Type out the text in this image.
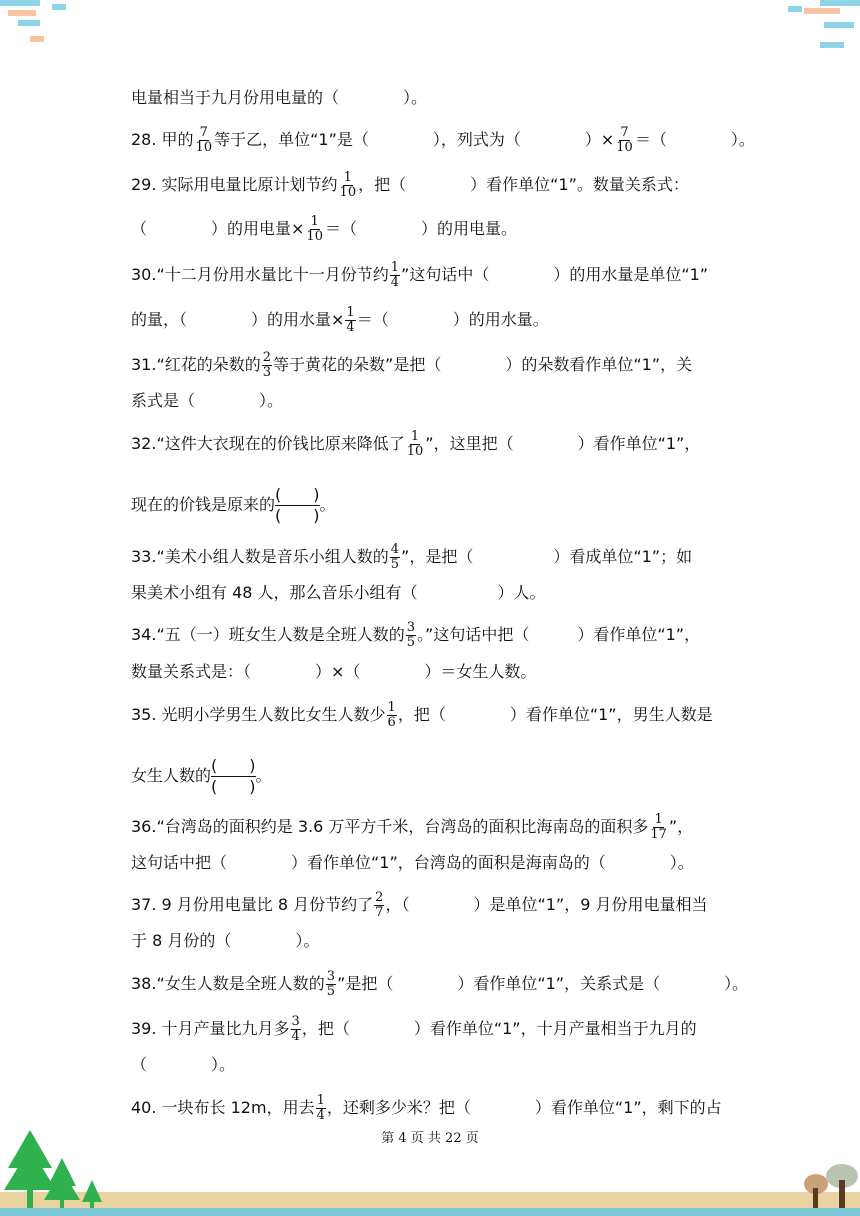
电量相当于九月份用电量的（　　　　）。
28. 甲的 $\frac{7}{10}$ 等于乙，单位“1”是（　　　　），列式为（　　　　）× $\frac{7}{10}$ ＝（　　　　）。
29. 实际用电量比原计划节约 $\frac{1}{10}$ ，把（　　　　）看作单位“1”。数量关系式：
（　　　　）的用电量× $\frac{1}{10}$ ＝（　　　　）的用电量。
30.“十二月份用水量比十一月份节约 $\frac{1}{4}$ ”这句话中（　　　　）的用水量是单位“1”
的量，（　　　　）的用水量× $\frac{1}{4}$ ＝（　　　　）的用水量。
31.“红花的朵数的 $\frac{2}{3}$ 等于黄花的朵数”是把（　　　　）的朵数看作单位“1”，关
系式是（　　　　）。
32.“这件大衣现在的价钱比原来降低了 $\frac{1}{10}$ ”，这里把（　　　　）看作单位“1”，
现在的价钱是原来的
(　　)
(　　)
。
33.“美术小组人数是音乐小组人数的 $\frac{4}{5}$ ”，是把（　　　　　）看成单位“1”；如
果美术小组有 48 人，那么音乐小组有（　　　　　）人。
34.“五（一）班女生人数是全班人数的 $\frac{3}{5}$ 。”这句话中把（　　　）看作单位“1”，
数量关系式是：（　　　　）×（　　　　）＝女生人数。
35. 光明小学男生人数比女生人数少 $\frac{1}{6}$ ，把（　　　　）看作单位“1”，男生人数是
女生人数的
(　　)
(　　)
。
36.“台湾岛的面积约是 3.6 万平方千米，台湾岛的面积比海南岛的面积多 $\frac{1}{17}$ ”，
这句话中把（　　　　）看作单位“1”，台湾岛的面积是海南岛的（　　　　）。
37. 9 月份用电量比 8 月份节约了 $\frac{2}{7}$ ，（　　　　）是单位“1”，9 月份用电量相当
于 8 月份的（　　　　）。
38.“女生人数是全班人数的 $\frac{3}{5}$ ”是把（　　　　）看作单位“1”，关系式是（　　　　）。
39. 十月产量比九月多 $\frac{3}{4}$ ，把（　　　　）看作单位“1”，十月产量相当于九月的
（　　　　）。
40. 一块布长 12m，用去 $\frac{1}{4}$ ，还剩多少米？把（　　　　）看作单位“1”，剩下的占
第 4 页 共 22 页
